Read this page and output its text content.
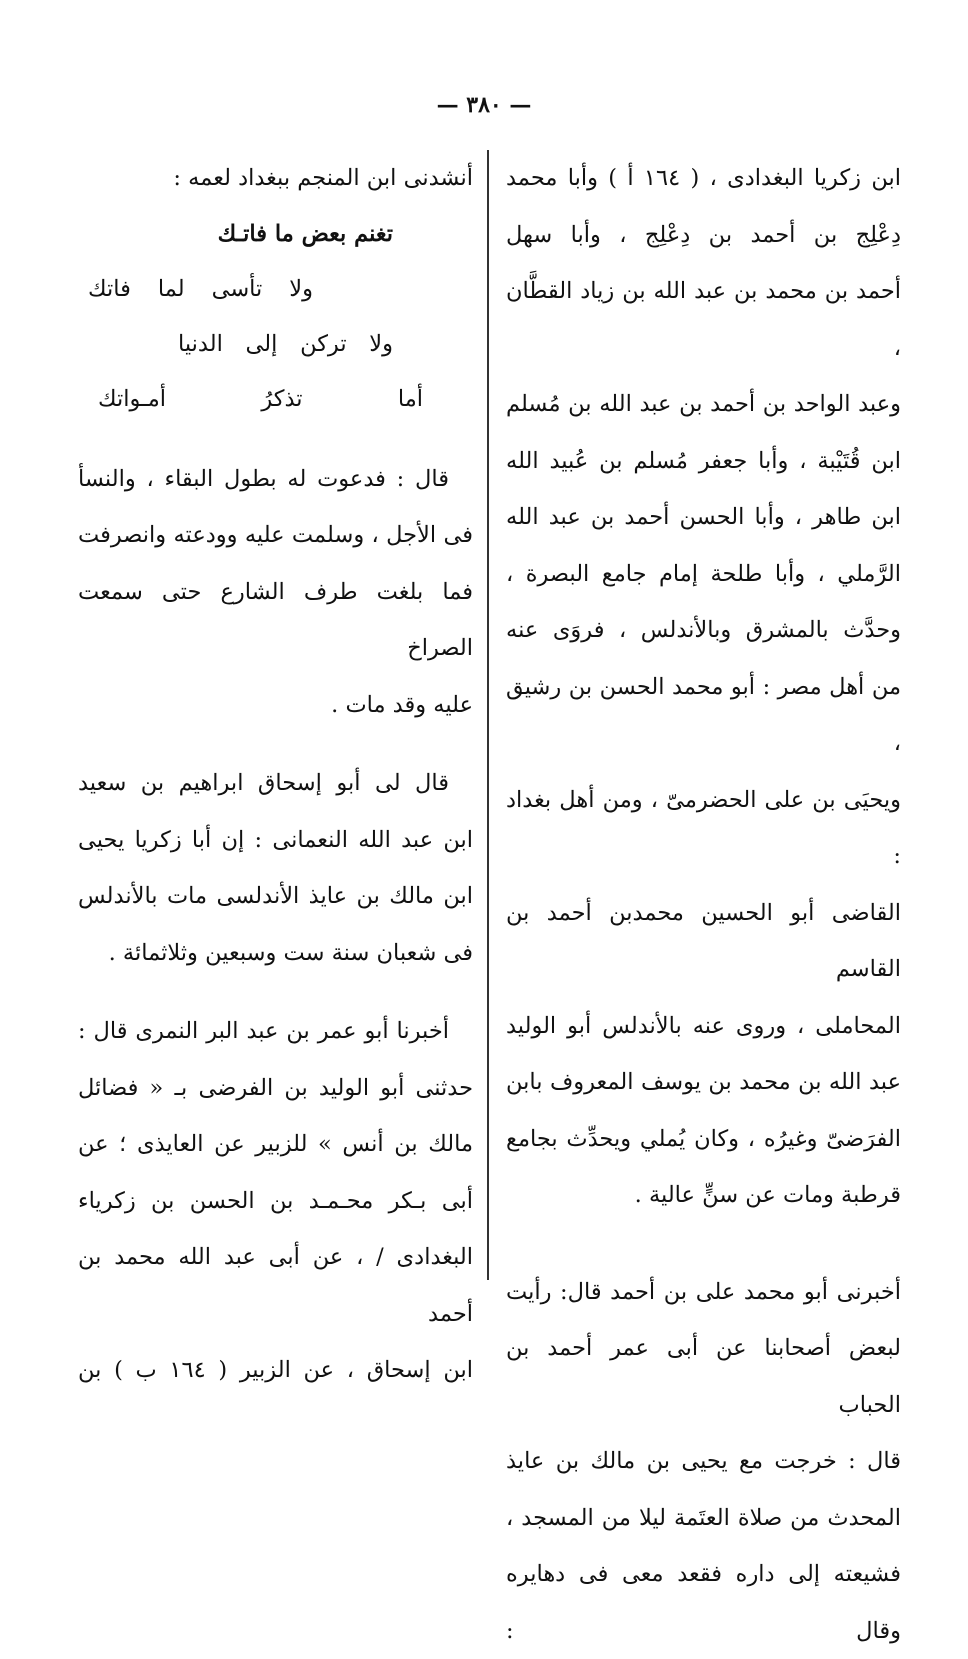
— ٣٨٠ —

ابن زكريا البغدادى ، ( ١٦٤ أ ) وأبا محمد

دِعْلِج بن أحمد بن دِعْلِج ، وأبا سهل

أحمد بن محمد بن عبد الله بن زياد القطَّان ،

وعبد الواحد بن أحمد بن عبد الله بن مُسلم

ابن قُتَيْبة ، وأبا جعفر مُسلم بن عُبيد الله

ابن طاهر ، وأبا الحسن أحمد بن عبد الله

الرَّملي ، وأبا طلحة إمام جامع البصرة ،

وحدَّث بالمشرق وبالأندلس ، فروَى عنه

من أهل مصر : أبو محمد الحسن بن رشيق ،

ويحيَى بن على الحضرمىّ ، ومن أهل بغداد :

القاضى أبو الحسين محمدبن أحمد بن القاسم

المحاملى ، وروى عنه بالأندلس أبو الوليد

عبد الله بن محمد بن يوسف المعروف بابن

الفرَضىّ وغيرُه ، وكان يُملي ويحدِّث بجامع

قرطبة ومات عن سنٍّ عالية .

أخبرنى أبو محمد على بن أحمد قال: رأيت

لبعض أصحابنا عن أبى عمر أحمد بن الحباب

قال : خرجت مع يحيى بن مالك بن عايذ

المحدث من صلاة العتَمة ليلا من المسجد ،

فشيعته إلى داره فقعد معى فى دهايره وقال :

أنشدنى ابن المنجم ببغداد لعمه :

تغنم بعض ما فاتـك
ولا تأسى لما فاتك
ولا تركن إلى الدنيا
أما تذكرُ أمـواتك

قال : فدعوت له بطول البقاء ، والنسأ

فى الأجل ، وسلمت عليه وودعته وانصرفت

فما بلغت طرف الشارع حتى سمعت الصراخ

عليه وقد مات .

قال لى أبو إسحاق ابراهيم بن سعيد

ابن عبد الله النعمانى : إن أبا زكريا يحيى

ابن مالك بن عايذ الأندلسى مات بالأندلس

فى شعبان سنة ست وسبعين وثلاثمائة .

أخبرنا أبو عمر بن عبد البر النمرى قال :

حدثنى أبو الوليد بن الفرضى بـ « فضائل

مالك بن أنس » للزبير عن العايذى ؛ عن

أبى بـكر محـمـد بن الحسن بن زكرياء

البغدادى / ، عن أبى عبد الله محمد بن أحمد

ابن إسحاق ، عن الزبير ( ١٦٤ ب ) بن
